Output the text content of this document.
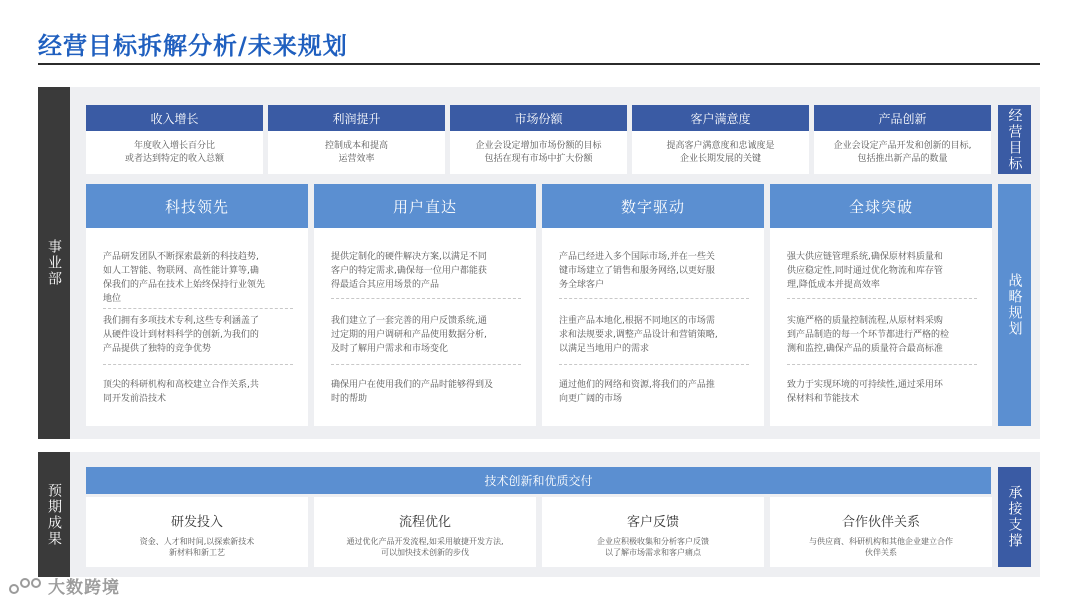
经营目标拆解分析/未来规划
事业部
收入增长
年度收入增长百分比
或者达到特定的收入总额
利润提升
控制成本和提高
运营效率
市场份额
企业会设定增加市场份额的目标
包括在现有市场中扩大份额
客户满意度
提高客户满意度和忠诚度是
企业长期发展的关键
产品创新
企业会设定产品开发和创新的目标,
包括推出新产品的数量	经营目标
科技领先
产品研发团队不断探索最新的科技趋势,
如人工智能、物联网、高性能计算等,确
保我们的产品在技术上始终保持行业领先
地位
我们拥有多项技术专利,这些专利涵盖了
从硬件设计到材料科学的创新,为我们的
产品提供了独特的竞争优势
顶尖的科研机构和高校建立合作关系,共
同开发前沿技术
用户直达
提供定制化的硬件解决方案,以满足不同
客户的特定需求,确保每一位用户都能获
得最适合其应用场景的产品
我们建立了一套完善的用户反馈系统,通
过定期的用户调研和产品使用数据分析,
及时了解用户需求和市场变化
确保用户在使用我们的产品时能够得到及
时的帮助
数字驱动
产品已经进入多个国际市场,并在一些关
键市场建立了销售和服务网络,以更好服
务全球客户
注重产品本地化,根据不同地区的市场需
求和法规要求,调整产品设计和营销策略,
以满足当地用户的需求
通过他们的网络和资源,将我们的产品推
向更广阔的市场
全球突破
强大供应链管理系统,确保原材料质量和
供应稳定性,同时通过优化物流和库存管
理,降低成本并提高效率
实施严格的质量控制流程,从原材料采购
到产品制造的每一个环节都进行严格的检
测和监控,确保产品的质量符合最高标准
致力于实现环境的可持续性,通过采用环
保材料和节能技术
战略规划
预期成果
技术创新和优质交付
研发投入
资金、人才和时间,以探索新技术
新材料和新工艺
流程优化
通过优化产品开发流程,如采用敏捷开发方法,
可以加快技术创新的步伐
客户反馈
企业应积极收集和分析客户反馈
以了解市场需求和客户痛点
合作伙伴关系
与供应商、科研机构和其他企业建立合作
伙伴关系
承接支撑
大数跨境
